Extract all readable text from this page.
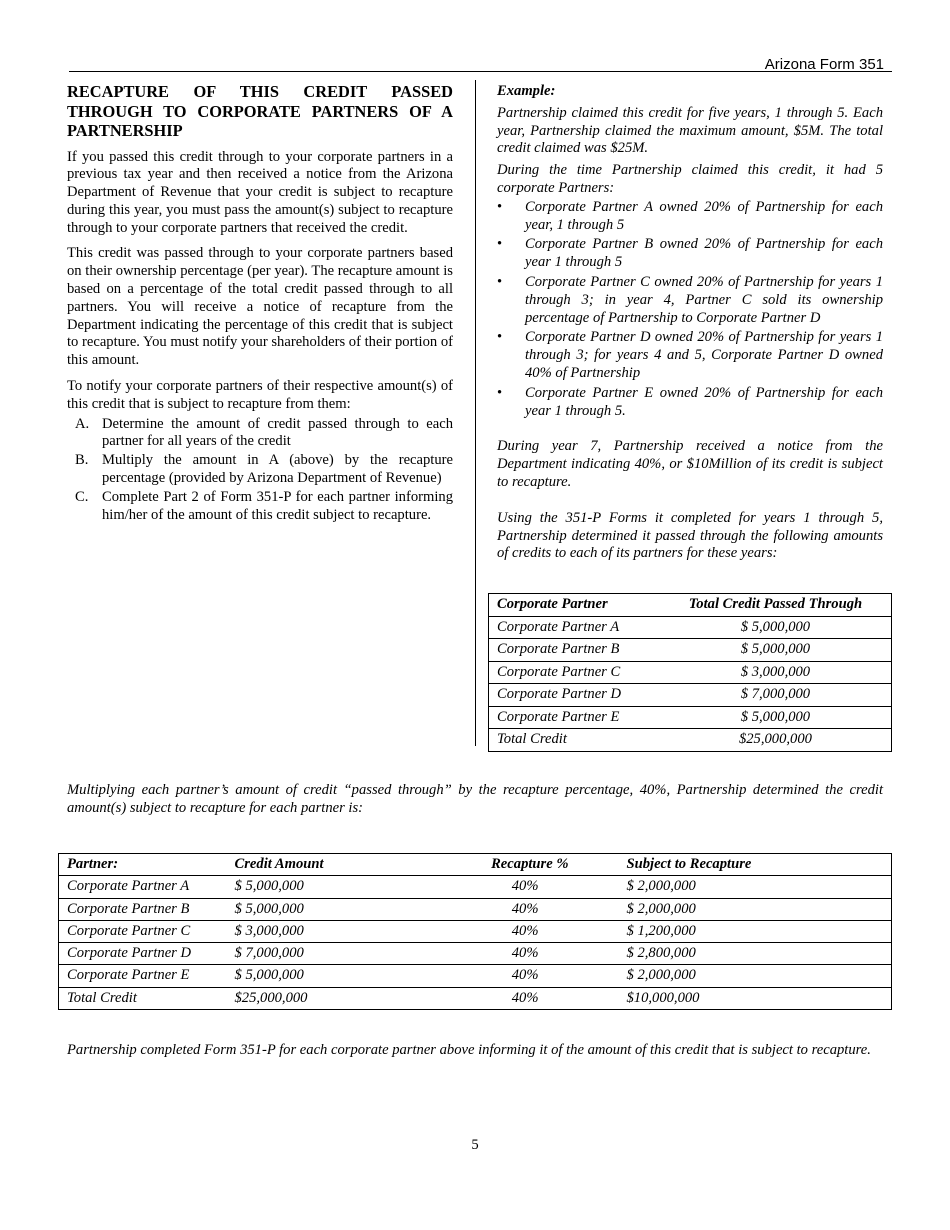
Arizona Form 351
RECAPTURE OF THIS CREDIT PASSED THROUGH TO CORPORATE PARTNERS OF A PARTNERSHIP

If you passed this credit through to your corporate partners in a previous tax year and then received a notice from the Arizona Department of Revenue that your credit is subject to recapture during this year, you must pass the amount(s) subject to recapture through to your corporate partners that received the credit.

This credit was passed through to your corporate partners based on their ownership percentage (per year). The recapture amount is based on a percentage of the total credit passed through to all partners. You will receive a notice of recapture from the Department indicating the percentage of this credit that is subject to recapture. You must notify your shareholders of their portion of this amount.

To notify your corporate partners of their respective amount(s) of this credit that is subject to recapture from them:

A. Determine the amount of credit passed through to each partner for all years of the credit
B. Multiply the amount in A (above) by the recapture percentage (provided by Arizona Department of Revenue)
C. Complete Part 2 of Form 351-P for each partner informing him/her of the amount of this credit subject to recapture.

Example:

Partnership claimed this credit for five years, 1 through 5. Each year, Partnership claimed the maximum amount, $5M. The total credit claimed was $25M.

During the time Partnership claimed this credit, it had 5 corporate Partners:

• Corporate Partner A owned 20% of Partnership for each year, 1 through 5
• Corporate Partner B owned 20% of Partnership for each year 1 through 5
• Corporate Partner C owned 20% of Partnership for years 1 through 3; in year 4, Partner C sold its ownership percentage of Partnership to Corporate Partner D
• Corporate Partner D owned 20% of Partnership for years 1 through 3; for years 4 and 5, Corporate Partner D owned 40% of Partnership
• Corporate Partner E owned 20% of Partnership for each year 1 through 5.

During year 7, Partnership received a notice from the Department indicating 40%, or $10Million of its credit is subject to recapture.

Using the 351-P Forms it completed for years 1 through 5, Partnership determined it passed through the following amounts of credits to each of its partners for these years:

Corporate Partner	Total Credit Passed Through
Corporate Partner A	$ 5,000,000
Corporate Partner B	$ 5,000,000
Corporate Partner C	$ 3,000,000
Corporate Partner D	$ 7,000,000
Corporate Partner E	$ 5,000,000
Total Credit	$25,000,000

Multiplying each partner’s amount of credit “passed through” by the recapture percentage, 40%, Partnership determined the credit amount(s) subject to recapture for each partner is:

Partner:	Credit Amount	Recapture %	Subject to Recapture
Corporate Partner A	$ 5,000,000	40%	$ 2,000,000
Corporate Partner B	$ 5,000,000	40%	$ 2,000,000
Corporate Partner C	$ 3,000,000	40%	$ 1,200,000
Corporate Partner D	$ 7,000,000	40%	$ 2,800,000
Corporate Partner E	$ 5,000,000	40%	$ 2,000,000
Total Credit	$25,000,000	40%	$10,000,000

Partnership completed Form 351-P for each corporate partner above informing it of the amount of this credit that is subject to recapture.

5
